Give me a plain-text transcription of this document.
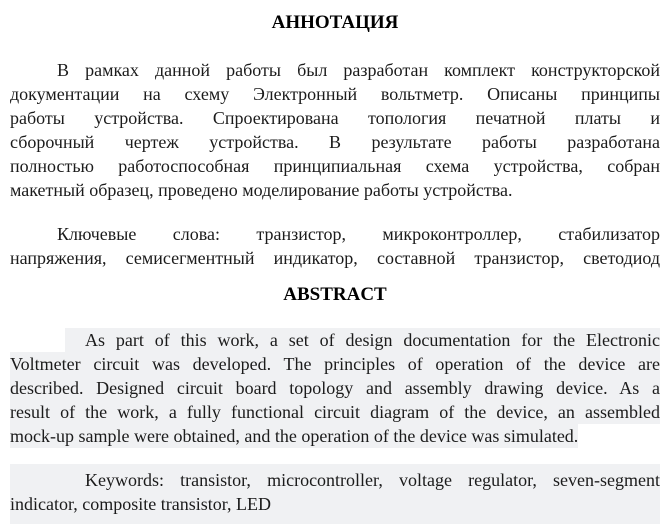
АННОТАЦИЯ
В рамках данной работы был разработан комплект конструкторской
документации на схему Электронный вольтметр. Описаны принципы
работы устройства. Спроектирована топология печатной платы и
сборочный чертеж устройства. В результате работы разработана
полностью работоспособная принципиальная схема устройства, собран
макетный образец, проведено моделирование работы устройства.
Ключевые слова: транзистор, микроконтроллер, стабилизатор
напряжения, семисегментный индикатор, составной транзистор, светодиод
ABSTRACT
As part of this work, a set of design documentation for the Electronic
Voltmeter circuit was developed. The principles of operation of the device are
described. Designed circuit board topology and assembly drawing device. As a
result of the work, a fully functional circuit diagram of the device, an assembled
mock-up sample were obtained, and the operation of the device was simulated.
Keywords: transistor, microcontroller, voltage regulator, seven-segment
indicator, composite transistor, LED
